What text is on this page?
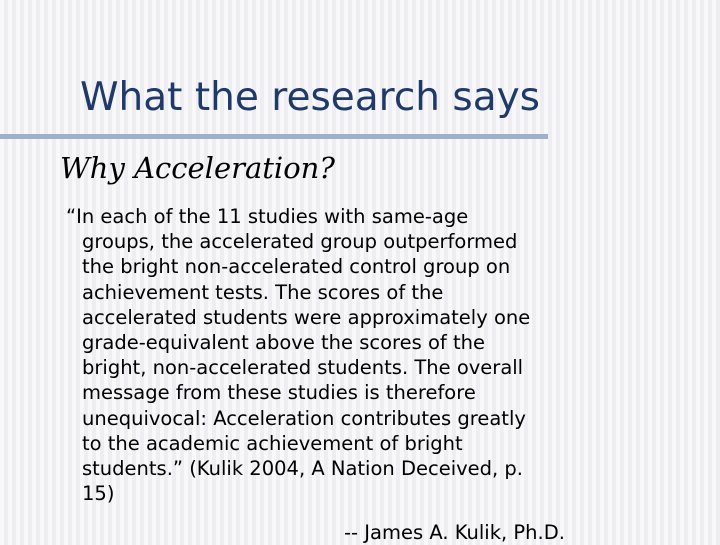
What the research says
Why Acceleration?
“In each of the 11 studies with same-age
groups, the accelerated group outperformed
the bright non-accelerated control group on
achievement tests. The scores of the
accelerated students were approximately one
grade-equivalent above the scores of the
bright, non-accelerated students. The overall
message from these studies is therefore
unequivocal: Acceleration contributes greatly
to the academic achievement of bright
students.” (Kulik 2004, A Nation Deceived, p.
15)

-- James A. Kulik, Ph.D.
